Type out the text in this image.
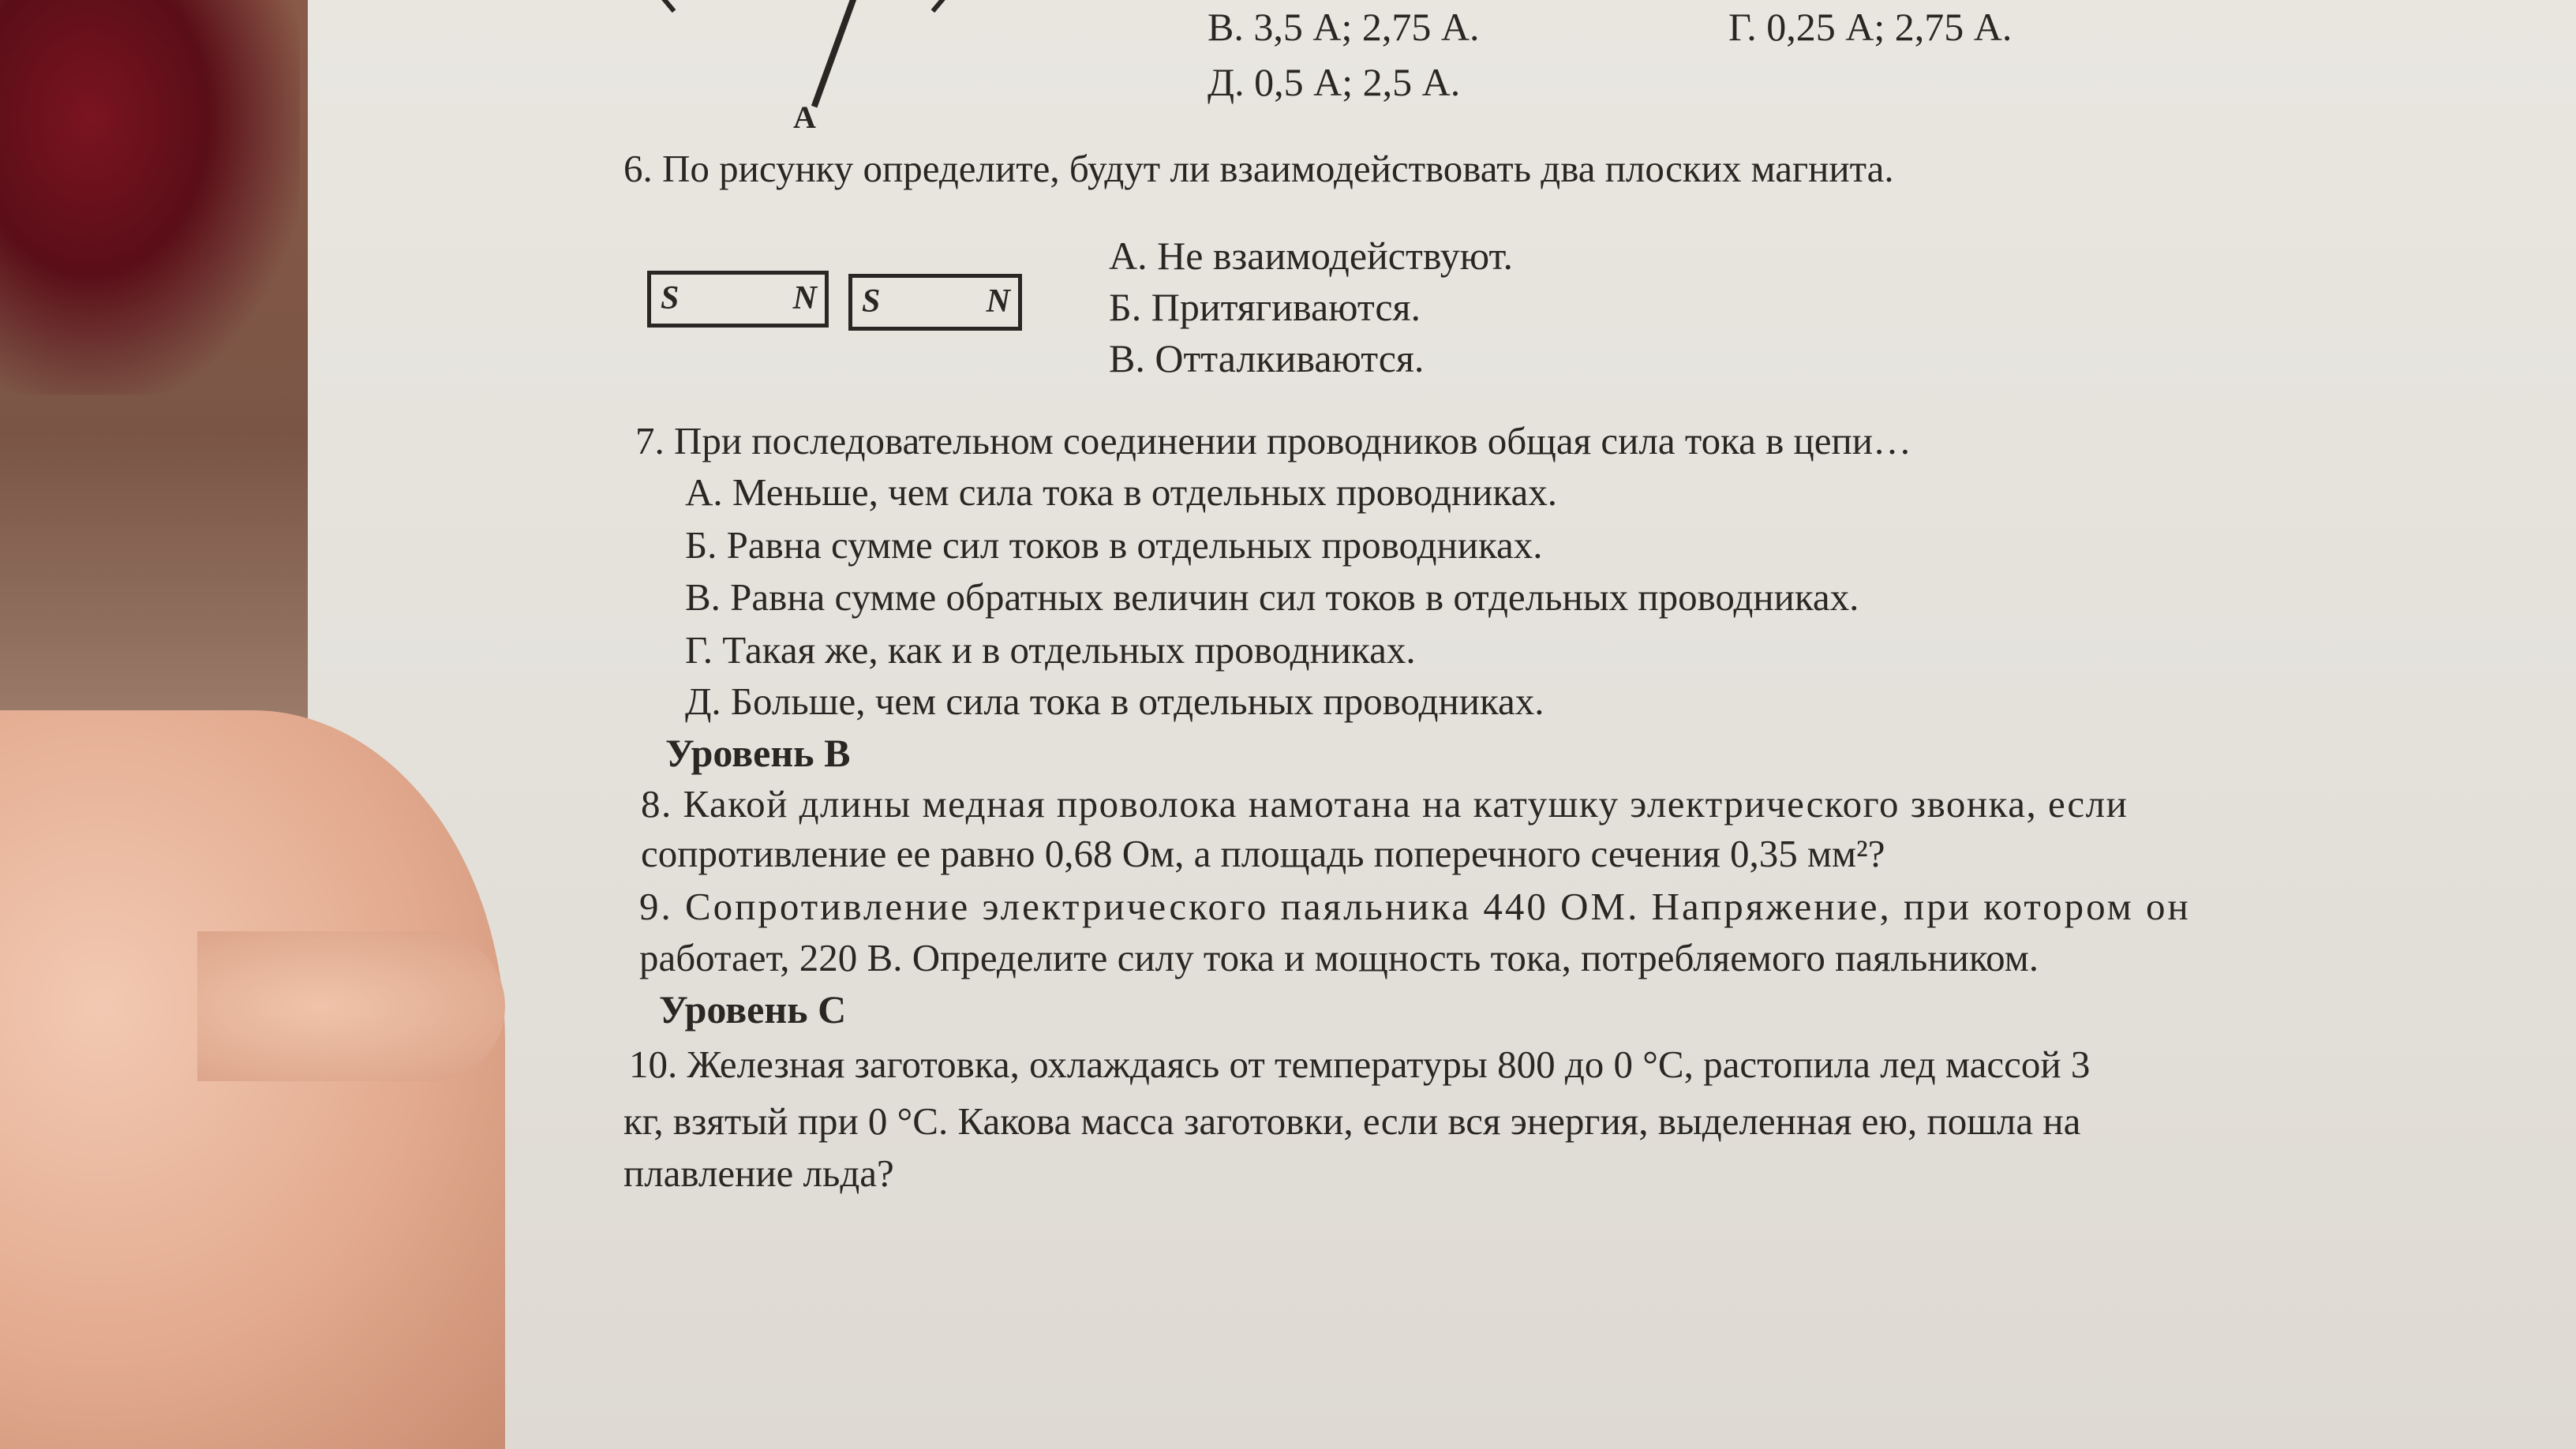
A
В. 3,5 А; 2,75 А.	Г. 0,25 А; 2,75 А.
Д. 0,5 А; 2,5 А.
6. По рисунку определите, будут ли взаимодействовать два плоских магнита.
S	N S	N
А. Не взаимодействуют.
Б. Притягиваются.
В. Отталкиваются.
7. При последовательном соединении проводников общая сила тока в цепи…
А. Меньше, чем сила тока в отдельных проводниках.
Б. Равна сумме сил токов в отдельных проводниках.
В. Равна сумме обратных величин сил токов в отдельных проводниках.
Г. Такая же, как и в отдельных проводниках.
Д. Больше, чем сила тока в отдельных проводниках.
Уровень В
8. Какой длины медная проволока намотана на катушку электрического звонка, если
сопротивление ее равно 0,68 Ом, а площадь поперечного сечения 0,35 мм²?
9. Сопротивление электрического паяльника 440 ОМ. Напряжение, при котором он
работает, 220 В. Определите силу тока и мощность тока, потребляемого паяльником.
Уровень С
10. Железная заготовка, охлаждаясь от температуры 800 до 0 °С, растопила лед массой 3
кг, взятый при 0 °С. Какова масса заготовки, если вся энергия, выделенная ею, пошла на
плавление льда?
